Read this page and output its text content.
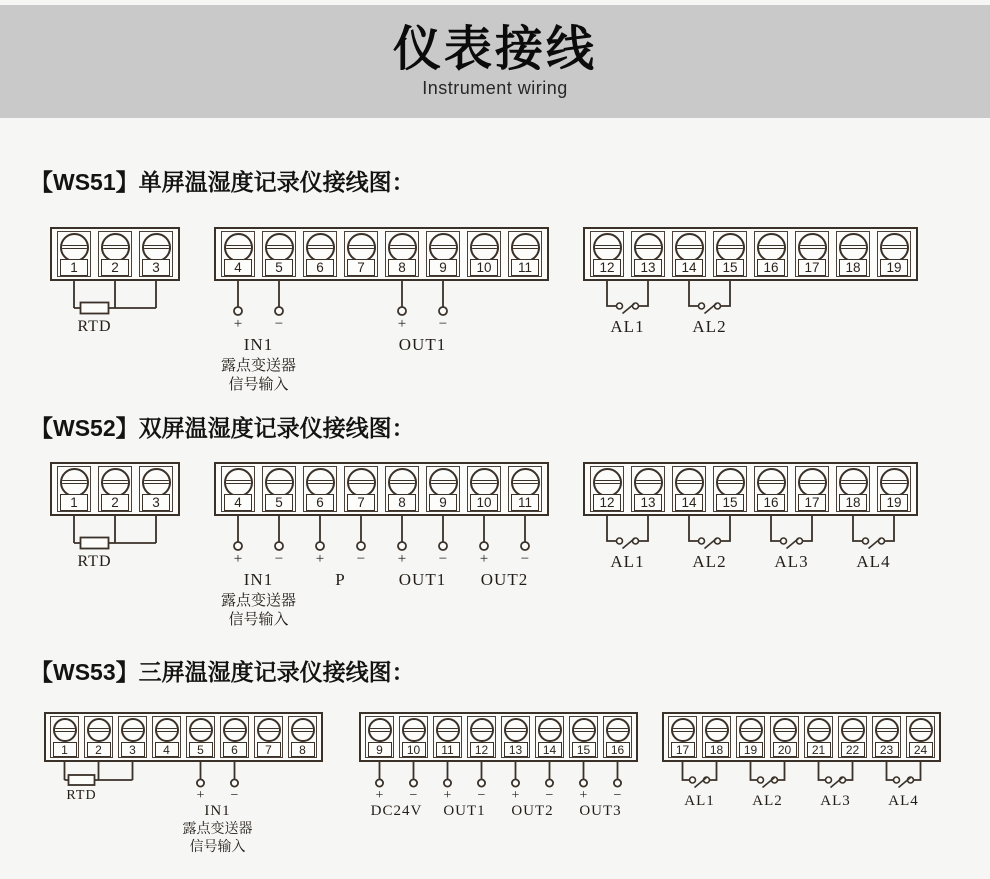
仪表接线
Instrument wiring
【WS51】单屏温湿度记录仪接线图：
1	2	3
RTD
4	5	6	7	8	9	10	11
+ −
IN1
露点变送器
信号输入
+ −
OUT1
12	13	14	15	16	17	18	19
AL1	AL2
【WS52】双屏温湿度记录仪接线图：
1	2	3
RTD
4	5	6	7	8	9	10	11
+ −
IN1
露点变送器
信号输入
+ −
P
+ −
OUT1
+ −
OUT2
12	13	14	15	16	17	18	19
AL1	AL2	AL3	AL4
【WS53】三屏温湿度记录仪接线图：
1	2	3	4	5	6	7	8
RTD	+ −
IN1
露点变送器
信号输入
9	10	11	12	13	14	15	16
+ −
DC24V
+ −
OUT1
+ −
OUT2
+ −
OUT3
17	18	19	20	21	22	23	24
AL1	AL2	AL3	AL4
